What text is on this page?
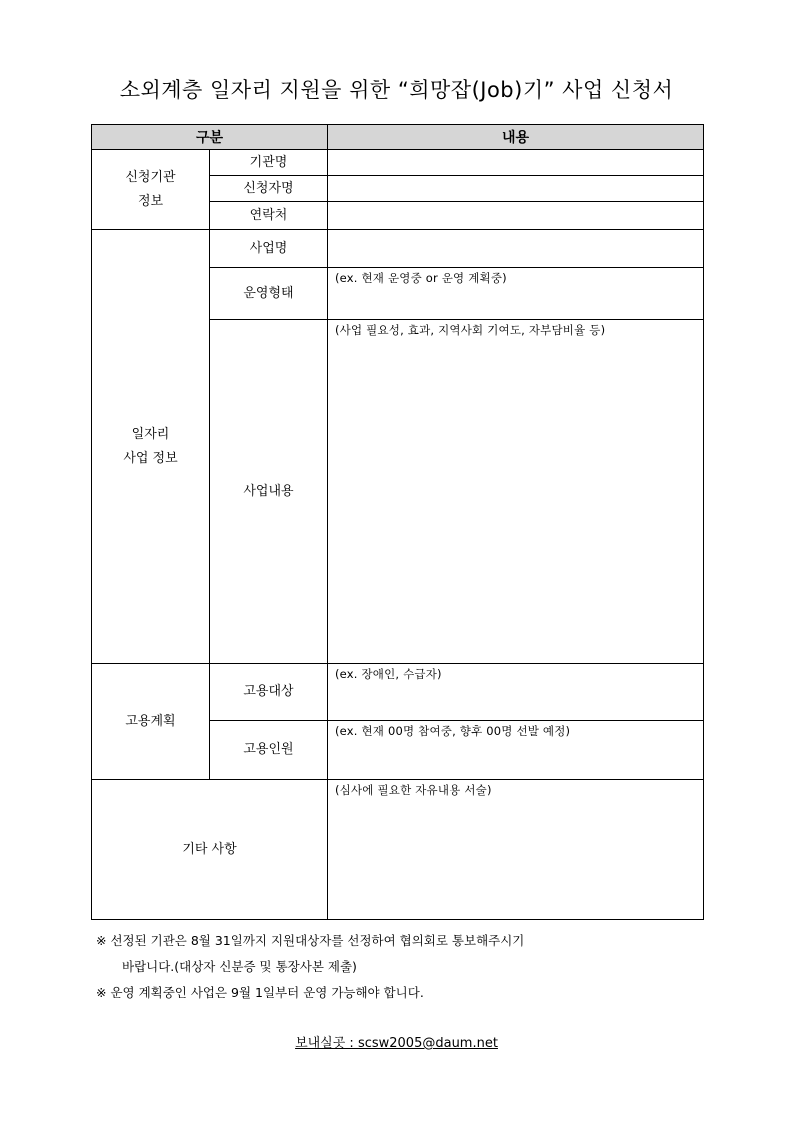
소외계층 일자리 지원을 위한 “희망잡(Job)기” 사업 신청서
구분		내용

신청기관
정보	기관명	
	신청자명	
	연락처	

일자리
사업 정보	사업명	
	운영형태	(ex. 현재 운영중 or 운영 계획중)
	사업내용	(사업 필요성, 효과, 지역사회 기여도, 자부담비율 등)
고용계획	고용대상	(ex. 장애인, 수급자)
	고용인원	(ex. 현재 00명 참여중, 향후 00명 선발 예정)
기타 사항		(심사에 필요한 자유내용 서술)
※ 선정된 기관은 8월 31일까지 지원대상자를 선정하여 협의회로 통보해주시기
바랍니다.(대상자 신분증 및 통장사본 제출)
※ 운영 계획중인 사업은 9월 1일부터 운영 가능해야 합니다.
보내실곳 : scsw2005@daum.net
